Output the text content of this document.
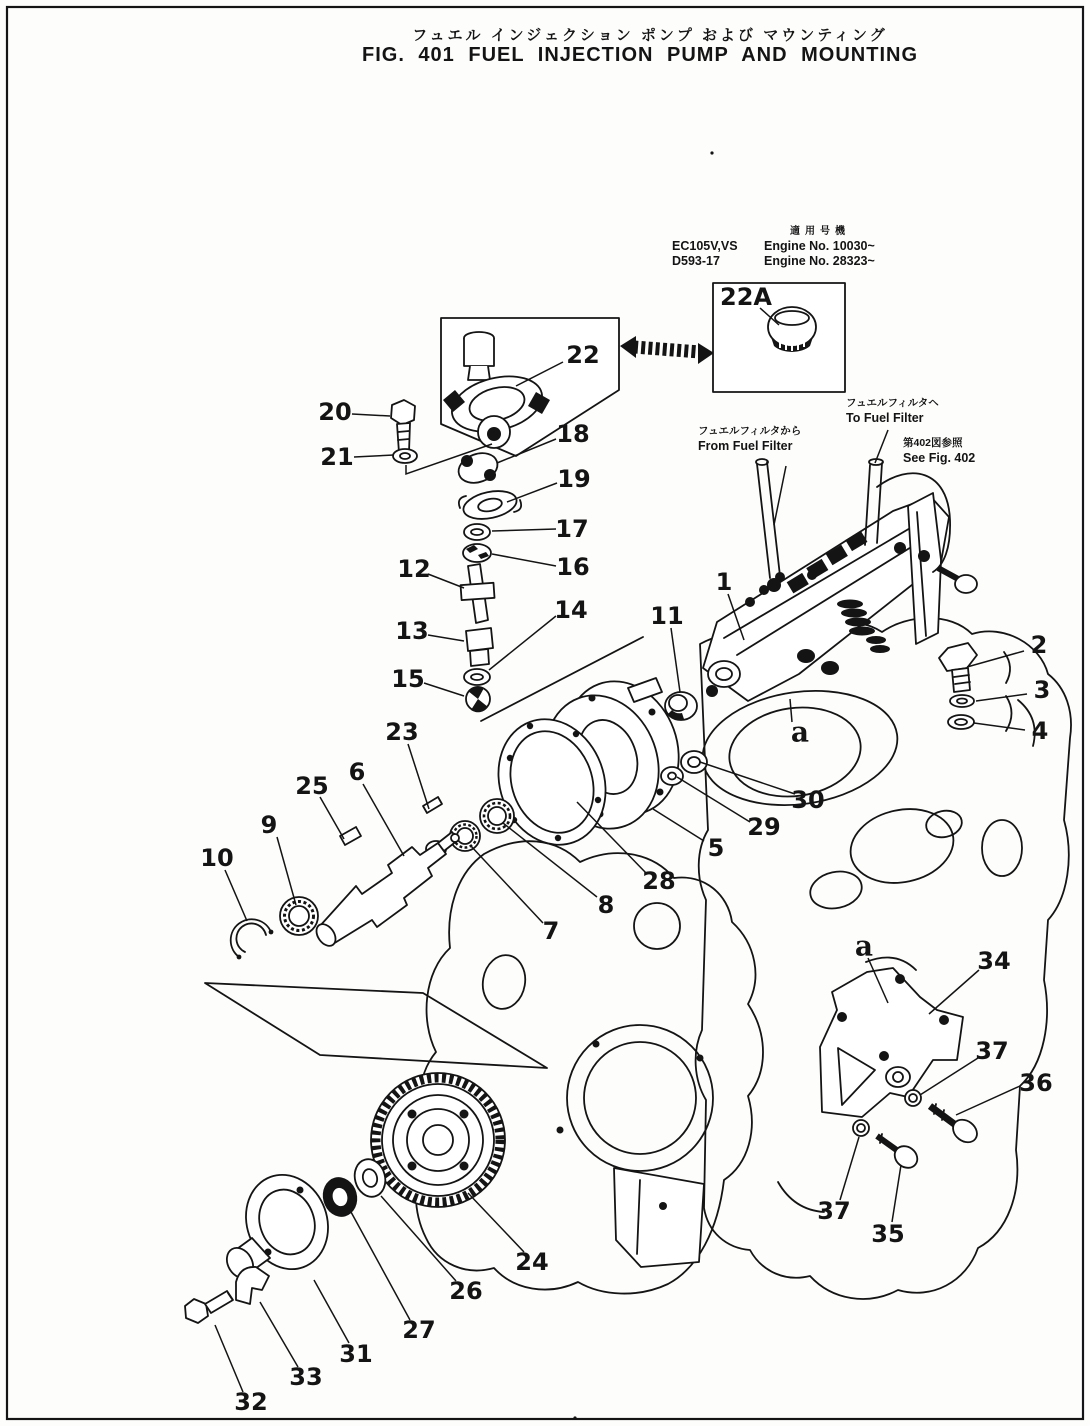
フュエル インジェクション ポンプ および マウンティング
FIG. 401 FUEL INJECTION PUMP AND MOUNTING
適用号機
EC105V,VS Engine No. 10030~
D593-17	Engine No. 28323~
フュエルフィルタから
From Fuel Filter
フュエルフィルタヘ
To Fuel Filter
第402図参照
See Fig. 402
22A
22
20
21
18
19
17
16
12
14
13
15
11
1
2
3
4
23
6
25
9
10
a
30
29
5
28
8
7	a	34
37
36
37
35
24
26
27
31
33
32
